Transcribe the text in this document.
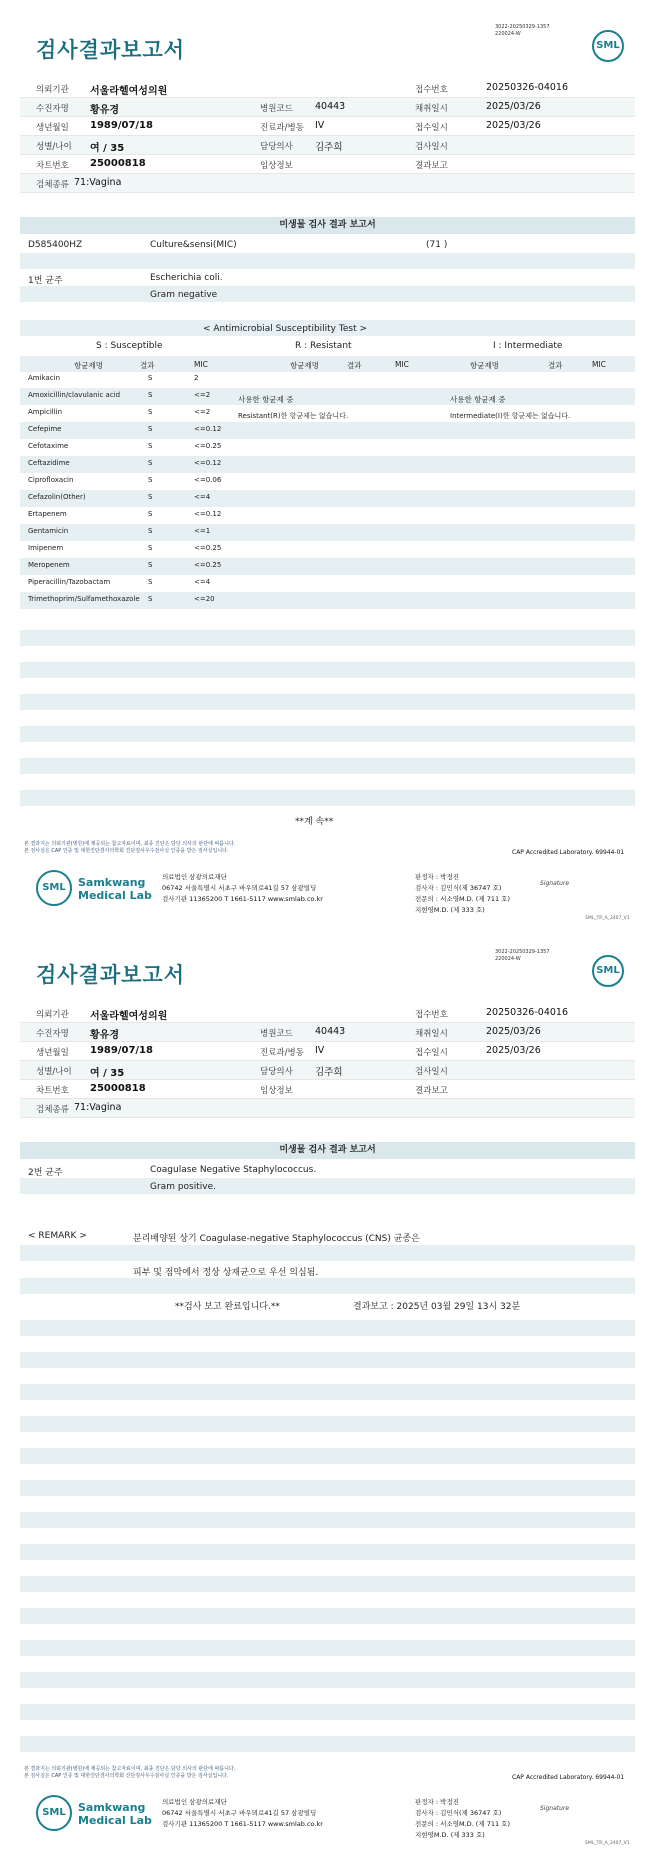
검사결과보고서
3022-20250329-1357
220024-W
SML
의뢰기관 서울라헬여성의원	접수번호	20250326-04016
수진자명 황유경	병원코드 40443	채취일시	2025/03/26
생년월일 1989/07/18	진료과/병동 IV	접수일시	2025/03/26
성별/나이 여 / 35	담당의사 김주희	검사일시
차트번호 25000818	임상정보	결과보고
검체종류 71:Vagina
미생물 검사 결과 보고서
D585400HZ	Culture&sensi(MIC)	(71 )
1번 균주	Escherichia coli.
Gram negative
< Antimicrobial Susceptibility Test >
S : Susceptible	R : Resistant	I : Intermediate
항균제명	결과	MIC	항균제명	결과	MIC	항균제명	결과	MIC
Amikacin	S	2
Amoxicillin/clavulanic acid	S	<=2
Ampicillin	S	<=2
Cefepime	S	<=0.12
Cefotaxime	S	<=0.25
Ceftazidime	S	<=0.12
Ciprofloxacin	S	<=0.06
Cefazolin(Other)	S	<=4
Ertapenem	S	<=0.12
Gentamicin	S	<=1
Imipenem	S	<=0.25
Meropenem	S	<=0.25
Piperacillin/Tazobactam	S	<=4
Trimethoprim/Sulfamethoxazole S	<=20
사용한 항균제 중
Resistant(R)한 항균제는 없습니다.
사용한 항균제 중
Intermediate(I)한 항균제는 없습니다.
**계 속**
본 결과지는 의뢰기관(병원)에 제공되는 참고자료이며, 최종 진단은 담당 의사의 판단에 따릅니다.
본 검사실은 CAP 인증 및 대한진단검사의학회 진단검사우수검사실 인증을 받은 검사실입니다.	CAP Accredited Laboratory. 69944-01
SML	Samkwang
Medical Lab
의료법인 삼광의료재단
06742 서울특별시 서초구 바우뫼로41길 57 삼광빌딩
검사기관 11365200 T 1661-5117 www.smlab.co.kr
판정자 : 박정진
검사자 : 김민식(제 36747 호)
전문의 : 서소영M.D. (제 711 호)
지현영M.D. (제 333 호)
Signature
SML_TR_A_2407_V1
검사결과보고서
3022-20250329-1357
220024-W
SML
의뢰기관 서울라헬여성의원	접수번호	20250326-04016
수진자명 황유경	병원코드 40443	채취일시	2025/03/26
생년월일 1989/07/18	진료과/병동 IV	접수일시	2025/03/26
성별/나이 여 / 35	담당의사 김주희	검사일시
차트번호 25000818	임상정보	결과보고
검체종류 71:Vagina
미생물 검사 결과 보고서
2번 균주	Coagulase Negative Staphylococcus.
Gram positive.
< REMARK >	분리배양된 상기 Coagulase-negative Staphylococcus (CNS) 균종은
피부 및 점막에서 정상 상재균으로 우선 의심됨.
**검사 보고 완료입니다.**	결과보고 : 2025년 03월 29일 13시 32분
본 결과지는 의뢰기관(병원)에 제공되는 참고자료이며, 최종 진단은 담당 의사의 판단에 따릅니다.
본 검사실은 CAP 인증 및 대한진단검사의학회 진단검사우수검사실 인증을 받은 검사실입니다.	CAP Accredited Laboratory. 69944-01
SML	Samkwang
Medical Lab
의료법인 삼광의료재단
06742 서울특별시 서초구 바우뫼로41길 57 삼광빌딩
검사기관 11365200 T 1661-5117 www.smlab.co.kr
판정자 : 박정진
검사자 : 김민식(제 36747 호)
전문의 : 서소영M.D. (제 711 호)
지현영M.D. (제 333 호)
Signature
SML_TR_A_2407_V1
